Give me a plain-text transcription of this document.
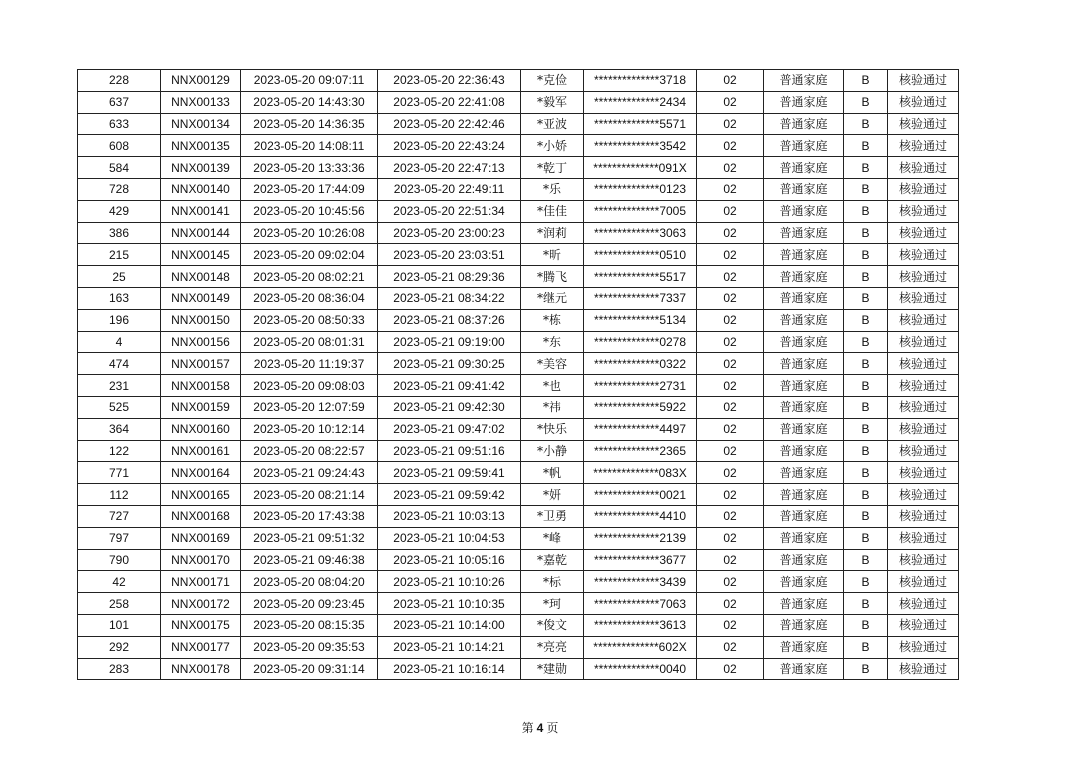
228	NNX00129	2023-05-20 09:07:11	2023-05-20 22:36:43	*克俭	**************3718	02	普通家庭	B	核验通过
637	NNX00133	2023-05-20 14:43:30	2023-05-20 22:41:08	*毅军	**************2434	02	普通家庭	B	核验通过
633	NNX00134	2023-05-20 14:36:35	2023-05-20 22:42:46	*亚波	**************5571	02	普通家庭	B	核验通过
608	NNX00135	2023-05-20 14:08:11	2023-05-20 22:43:24	*小娇	**************3542	02	普通家庭	B	核验通过
584	NNX00139	2023-05-20 13:33:36	2023-05-20 22:47:13	*乾丁	**************091X	02	普通家庭	B	核验通过
728	NNX00140	2023-05-20 17:44:09	2023-05-20 22:49:11	*乐	**************0123	02	普通家庭	B	核验通过
429	NNX00141	2023-05-20 10:45:56	2023-05-20 22:51:34	*佳佳	**************7005	02	普通家庭	B	核验通过
386	NNX00144	2023-05-20 10:26:08	2023-05-20 23:00:23	*润莉	**************3063	02	普通家庭	B	核验通过
215	NNX00145	2023-05-20 09:02:04	2023-05-20 23:03:51	*昕	**************0510	02	普通家庭	B	核验通过
25	NNX00148	2023-05-20 08:02:21	2023-05-21 08:29:36	*腾飞	**************5517	02	普通家庭	B	核验通过
163	NNX00149	2023-05-20 08:36:04	2023-05-21 08:34:22	*继元	**************7337	02	普通家庭	B	核验通过
196	NNX00150	2023-05-20 08:50:33	2023-05-21 08:37:26	*栋	**************5134	02	普通家庭	B	核验通过
4	NNX00156	2023-05-20 08:01:31	2023-05-21 09:19:00	*东	**************0278	02	普通家庭	B	核验通过
474	NNX00157	2023-05-20 11:19:37	2023-05-21 09:30:25	*美容	**************0322	02	普通家庭	B	核验通过
231	NNX00158	2023-05-20 09:08:03	2023-05-21 09:41:42	*也	**************2731	02	普通家庭	B	核验通过
525	NNX00159	2023-05-20 12:07:59	2023-05-21 09:42:30	*祎	**************5922	02	普通家庭	B	核验通过
364	NNX00160	2023-05-20 10:12:14	2023-05-21 09:47:02	*快乐	**************4497	02	普通家庭	B	核验通过
122	NNX00161	2023-05-20 08:22:57	2023-05-21 09:51:16	*小静	**************2365	02	普通家庭	B	核验通过
771	NNX00164	2023-05-21 09:24:43	2023-05-21 09:59:41	*帆	**************083X	02	普通家庭	B	核验通过
112	NNX00165	2023-05-20 08:21:14	2023-05-21 09:59:42	*妍	**************0021	02	普通家庭	B	核验通过
727	NNX00168	2023-05-20 17:43:38	2023-05-21 10:03:13	*卫勇	**************4410	02	普通家庭	B	核验通过
797	NNX00169	2023-05-21 09:51:32	2023-05-21 10:04:53	*峰	**************2139	02	普通家庭	B	核验通过
790	NNX00170	2023-05-21 09:46:38	2023-05-21 10:05:16	*嘉乾	**************3677	02	普通家庭	B	核验通过
42	NNX00171	2023-05-20 08:04:20	2023-05-21 10:10:26	*标	**************3439	02	普通家庭	B	核验通过
258	NNX00172	2023-05-20 09:23:45	2023-05-21 10:10:35	*珂	**************7063	02	普通家庭	B	核验通过
101	NNX00175	2023-05-20 08:15:35	2023-05-21 10:14:00	*俊文	**************3613	02	普通家庭	B	核验通过
292	NNX00177	2023-05-20 09:35:53	2023-05-21 10:14:21	*亮亮	**************602X	02	普通家庭	B	核验通过
283	NNX00178	2023-05-20 09:31:14	2023-05-21 10:16:14	*建勋	**************0040	02	普通家庭	B	核验通过
第 4 页
